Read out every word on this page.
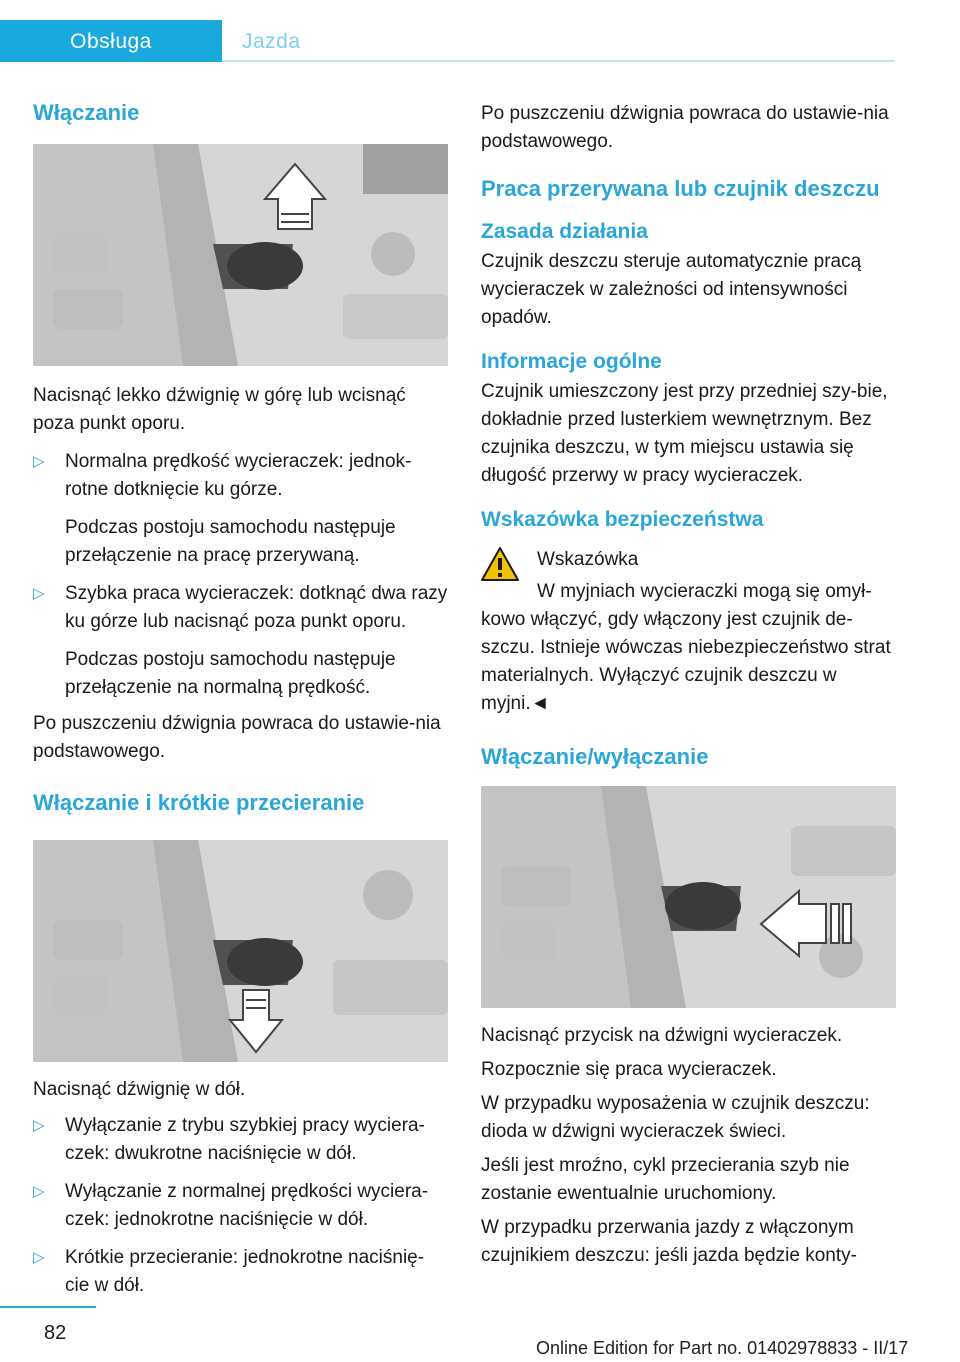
Obsługa	Jazda
Włączanie

Nacisnąć lekko dźwignię w górę lub wcisnąć poza punkt oporu.

▷ Normalna prędkość wycieraczek: jednok‐rotne dotknięcie ku górze.
Podczas postoju samochodu następuje przełączenie na pracę przerywaną.
▷ Szybka praca wycieraczek: dotknąć dwa razy ku górze lub nacisnąć poza punkt oporu.
Podczas postoju samochodu następuje przełączenie na normalną prędkość.

Po puszczeniu dźwignia powraca do ustawie‐nia podstawowego.

Włączanie i krótkie przecieranie

Nacisnąć dźwignię w dół.

▷ Wyłączanie z trybu szybkiej pracy wyciera‐czek: dwukrotne naciśnięcie w dół.
▷ Wyłączanie z normalnej prędkości wyciera‐czek: jednokrotne naciśnięcie w dół.
▷ Krótkie przecieranie: jednokrotne naciśnię‐cie w dół.

Po puszczeniu dźwignia powraca do ustawie‐nia podstawowego.

Praca przerywana lub czujnik deszczu
Zasada działania

Czujnik deszczu steruje automatycznie pracą wycieraczek w zależności od intensywności opadów.

Informacje ogólne

Czujnik umieszczony jest przy przedniej szy‐bie, dokładnie przed lusterkiem wewnętrznym. Bez czujnika deszczu, w tym miejscu ustawia się długość przerwy w pracy wycieraczek.

Wskazówka bezpieczeństwa

Wskazówka

W myjniach wycieraczki mogą się omył‐

kowo włączyć, gdy włączony jest czujnik de‐szczu. Istnieje wówczas niebezpieczeństwo strat materialnych. Wyłączyć czujnik deszczu w myjni.◄

Włączanie/wyłączanie

Nacisnąć przycisk na dźwigni wycieraczek.

Rozpocznie się praca wycieraczek.

W przypadku wyposażenia w czujnik deszczu: dioda w dźwigni wycieraczek świeci.

Jeśli jest mroźno, cykl przecierania szyb nie zostanie ewentualnie uruchomiony.

W przypadku przerwania jazdy z włączonym czujnikiem deszczu: jeśli jazda będzie konty‐

82
Online Edition for Part no. 01402978833 - II/17
